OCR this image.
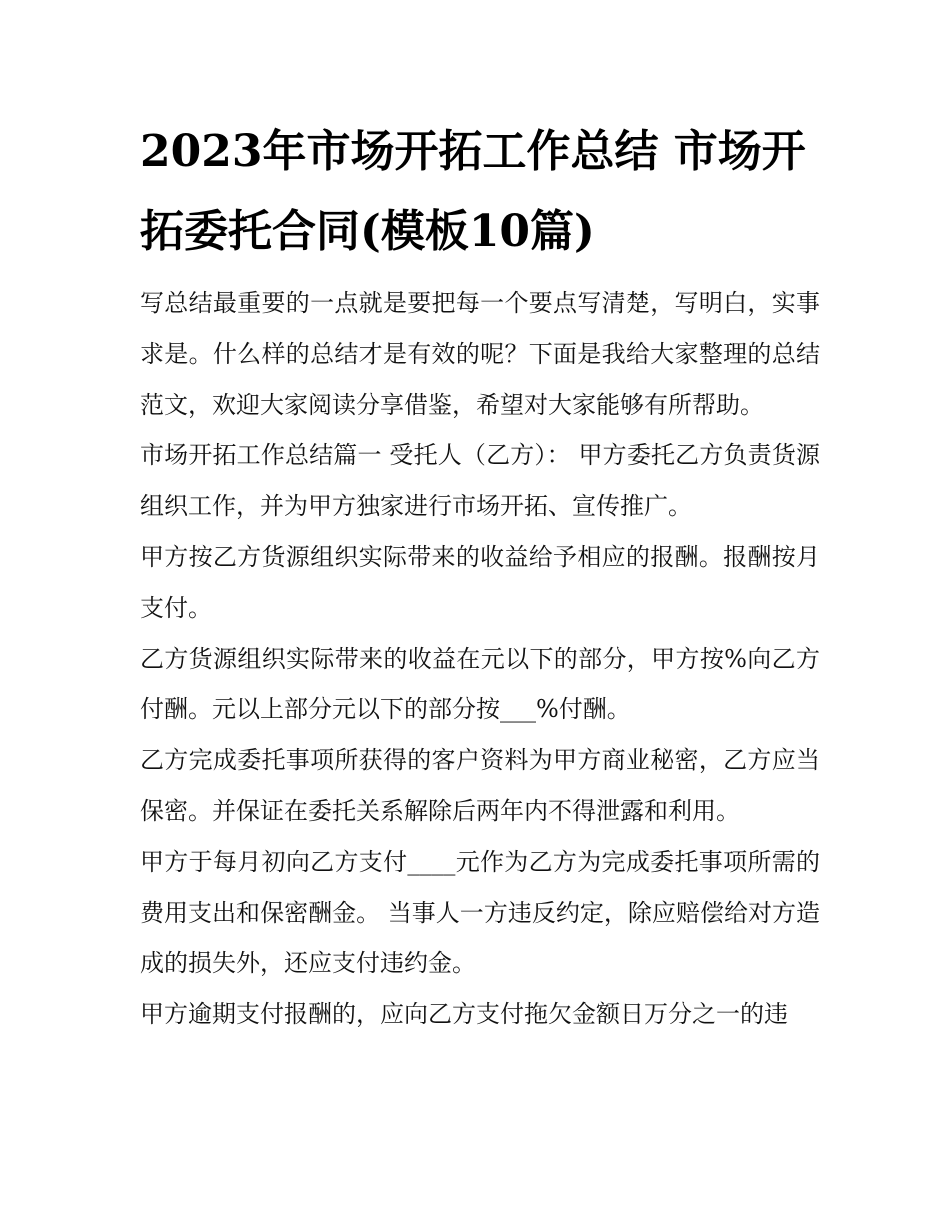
2023年市场开拓工作总结 市场开拓委托合同(模板10篇)

写总结最重要的一点就是要把每一个要点写清楚，写明白，实事求是。什么样的总结才是有效的呢？下面是我给大家整理的总结范文，欢迎大家阅读分享借鉴，希望对大家能够有所帮助。

市场开拓工作总结篇一 受托人（乙方）： 甲方委托乙方负责货源组织工作，并为甲方独家进行市场开拓、宣传推广。

甲方按乙方货源组织实际带来的收益给予相应的报酬。报酬按月支付。

乙方货源组织实际带来的收益在元以下的部分，甲方按%向乙方付酬。元以上部分元以下的部分按___%付酬。

乙方完成委托事项所获得的客户资料为甲方商业秘密，乙方应当保密。并保证在委托关系解除后两年内不得泄露和利用。

甲方于每月初向乙方支付____元作为乙方为完成委托事项所需的费用支出和保密酬金。 当事人一方违反约定，除应赔偿给对方造成的损失外，还应支付违约金。

甲方逾期支付报酬的，应向乙方支付拖欠金额日万分之一的违
